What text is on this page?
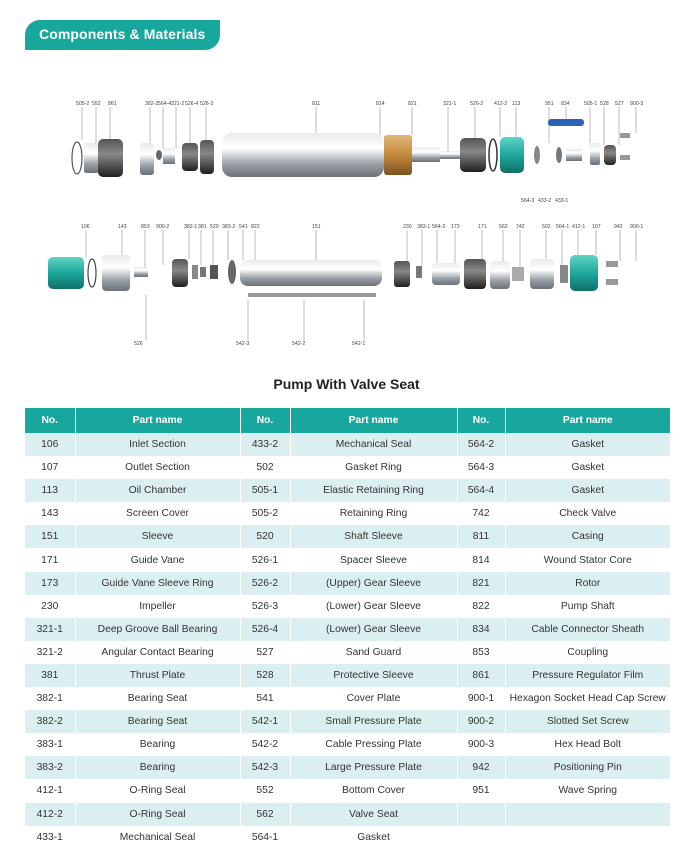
Components & Materials
505-2 552 861	382-2 564-4 321-2 526-4 526-3	811	814	821	321-1	526-2 412-2 113	951 834	505-1 528 527 900-3
564-3 433-2 433-1
106	143	853 900-2	382-1 381 520 383-2 541 822	151	230 383-1 564-2 173	171 562 742	502 564-1 412-1 107	942 900-1
526	542-3	542-2	542-1
Pump With Valve Seat
No.	Part name	No.	Part name	No.	Part name
106	Inlet Section	433-2	Mechanical Seal	564-2	Gasket
107	Outlet Section	502	Gasket Ring	564-3	Gasket
113	Oil Chamber	505-1	Elastic Retaining Ring	564-4	Gasket
143	Screen Cover	505-2	Retaining Ring	742	Check Valve
151	Sleeve	520	Shaft Sleeve	811	Casing
171	Guide Vane	526-1	Spacer Sleeve	814	Wound Stator Core
173	Guide Vane Sleeve Ring	526-2	(Upper) Gear Sleeve	821	Rotor
230	Impeller	526-3	(Lower) Gear Sleeve	822	Pump Shaft
321-1	Deep Groove Ball Bearing	526-4	(Lower) Gear Sleeve	834	Cable Connector Sheath
321-2	Angular Contact Bearing	527	Sand Guard	853	Coupling
381	Thrust Plate	528	Protective Sleeve	861	Pressure Regulator Film
382-1	Bearing Seat	541	Cover Plate	900-1	Hexagon Socket Head Cap Screw
382-2	Bearing Seat	542-1	Small Pressure Plate	900-2	Slotted Set Screw
383-1	Bearing	542-2	Cable Pressing Plate	900-3	Hex Head Bolt
383-2	Bearing	542-3	Large Pressure Plate	942	Positioning Pin
412-1	O-Ring Seal	552	Bottom Cover	951	Wave Spring
412-2	O-Ring Seal	562	Valve Seat		
433-1	Mechanical Seal	564-1	Gasket		
